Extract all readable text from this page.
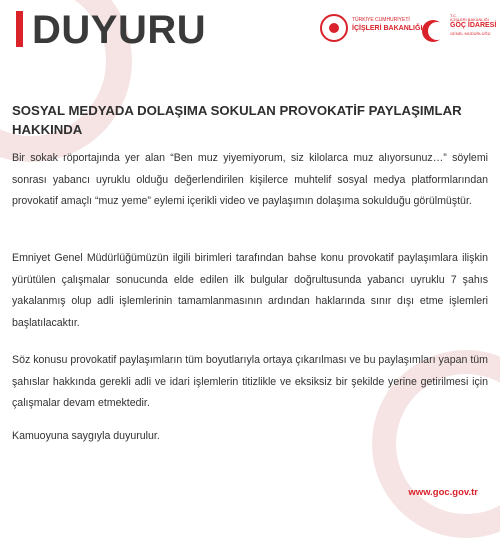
DUYURU	TÜRKİYE CUMHURİYETİ
İÇİŞLERİ BAKANLIĞI
T.C.
İÇİŞLERİ BAKANLIĞI
GÖÇ İDARESİ
GENEL MÜDÜRLÜĞÜ
SOSYAL MEDYADA DOLAŞIMA SOKULAN PROVOKATİF PAYLAŞIMLAR HAKKINDA

Bir sokak röportajında yer alan “Ben muz yiyemiyorum, siz kilolarca muz alıyorsunuz…” söylemi sonrası yabancı uyruklu olduğu değerlendirilen kişilerce muhtelif sosyal medya platformlarından provokatif amaçlı “muz yeme” eylemi içerikli video ve paylaşımın dolaşıma sokulduğu görülmüştür.

Emniyet Genel Müdürlüğümüzün ilgili birimleri tarafından bahse konu provokatif paylaşımlara ilişkin yürütülen çalışmalar sonucunda elde edilen ilk bulgular doğrultusunda yabancı uyruklu 7 şahıs yakalanmış olup adli işlemlerinin tamamlanmasının ardından haklarında sınır dışı etme işlemleri başlatılacaktır.

Söz konusu provokatif paylaşımların tüm boyutlarıyla ortaya çıkarılması ve bu paylaşımları yapan tüm şahıslar hakkında gerekli adli ve idari işlemlerin titizlikle ve eksiksiz bir şekilde yerine getirilmesi için çalışmalar devam etmektedir.

Kamuoyuna saygıyla duyurulur.

www.goc.gov.tr
